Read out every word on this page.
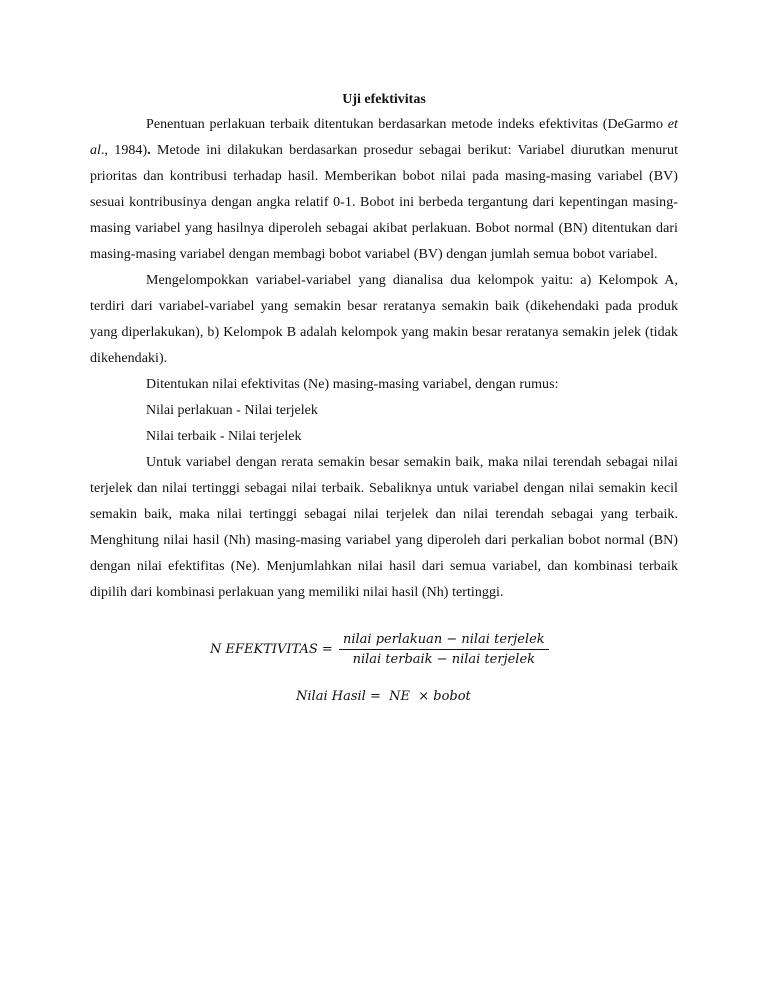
Uji efektivitas

Penentuan perlakuan terbaik ditentukan berdasarkan metode indeks efektivitas (DeGarmo et al., 1984). Metode ini dilakukan berdasarkan prosedur sebagai berikut: Variabel diurutkan menurut prioritas dan kontribusi terhadap hasil. Memberikan bobot nilai pada masing-masing variabel (BV) sesuai kontribusinya dengan angka relatif 0-1. Bobot ini berbeda tergantung dari kepentingan masing-masing variabel yang hasilnya diperoleh sebagai akibat perlakuan. Bobot normal (BN) ditentukan dari masing-masing variabel dengan membagi bobot variabel (BV) dengan jumlah semua bobot variabel.

Mengelompokkan variabel-variabel yang dianalisa dua kelompok yaitu: a) Kelompok A, terdiri dari variabel-variabel yang semakin besar reratanya semakin baik (dikehendaki pada produk yang diperlakukan), b) Kelompok B adalah kelompok yang makin besar reratanya semakin jelek (tidak dikehendaki).

Ditentukan nilai efektivitas (Ne) masing-masing variabel, dengan rumus:

Nilai perlakuan - Nilai terjelek

Nilai terbaik - Nilai terjelek

Untuk variabel dengan rerata semakin besar semakin baik, maka nilai terendah sebagai nilai terjelek dan nilai tertinggi sebagai nilai terbaik. Sebaliknya untuk variabel dengan nilai semakin kecil semakin baik, maka nilai tertinggi sebagai nilai terjelek dan nilai terendah sebagai yang terbaik. Menghitung nilai hasil (Nh) masing-masing variabel yang diperoleh dari perkalian bobot normal (BN) dengan nilai efektifitas (Ne). Menjumlahkan nilai hasil dari semua variabel, dan kombinasi terbaik dipilih dari kombinasi perlakuan yang memiliki nilai hasil (Nh) tertinggi.

N EFEKTIVITAS = $\frac{\text{nilai perlakuan − nilai terjelek}}{\text{nilai terbaik − nilai terjelek}}$
Nilai Hasil =  NE  × bobot
